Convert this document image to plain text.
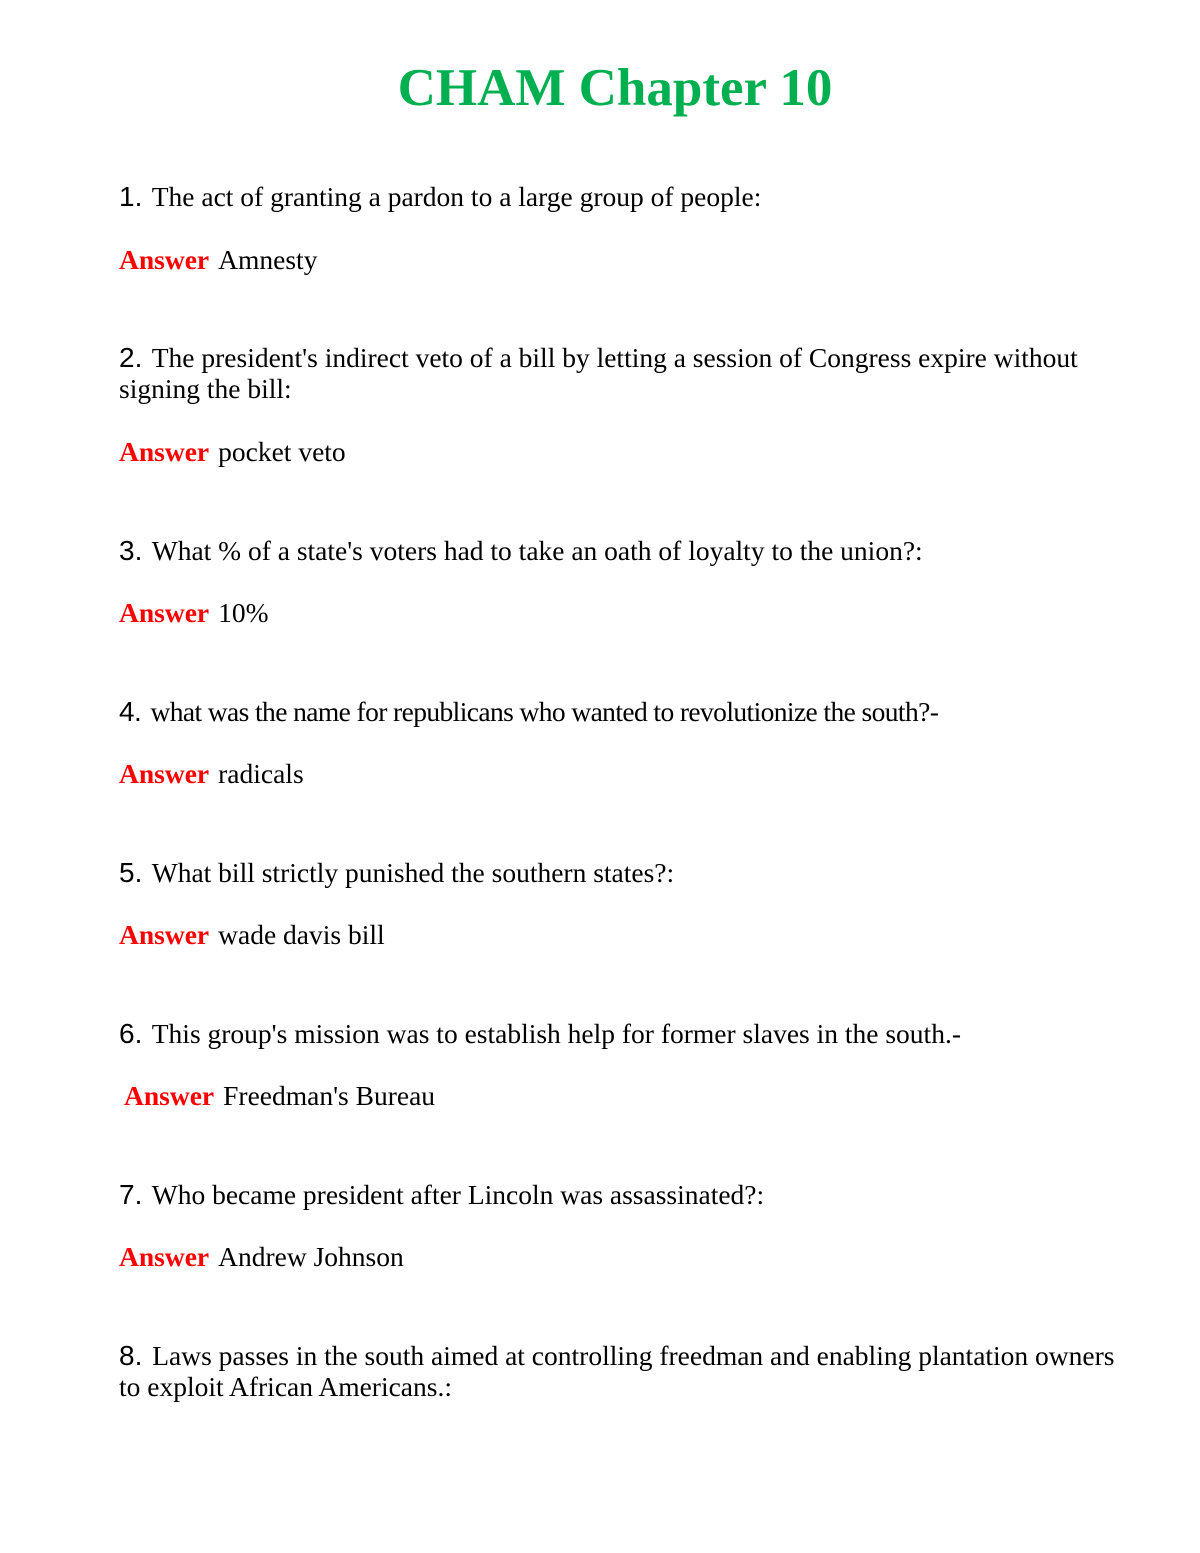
CHAM Chapter 10
1. The act of granting a pardon to a large group of people:
Answer Amnesty
2. The president's indirect veto of a bill by letting a session of Congress expire without signing the bill:
Answer pocket veto
3. What % of a state's voters had to take an oath of loyalty to the union?:
Answer 10%
4. what was the name for republicans who wanted to revolutionize the south?-
Answer radicals
5. What bill strictly punished the southern states?:
Answer wade davis bill
6. This group's mission was to establish help for former slaves in the south.-
Answer Freedman's Bureau
7. Who became president after Lincoln was assassinated?:
Answer Andrew Johnson
8. Laws passes in the south aimed at controlling freedman and enabling plantation owners to exploit African Americans.:
